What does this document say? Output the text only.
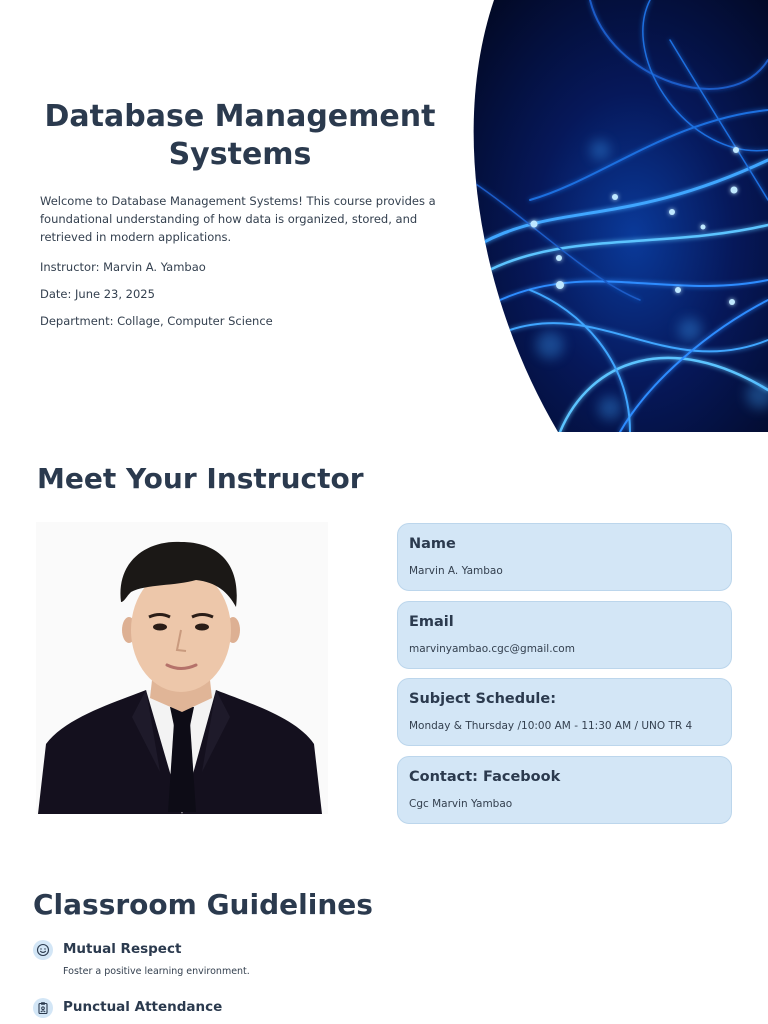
Database Management Systems

Welcome to Database Management Systems! This course provides a foundational understanding of how data is organized, stored, and retrieved in modern applications.

Instructor: Marvin A. Yambao

Date: June 23, 2025

Department: Collage, Computer Science

Meet Your Instructor
Name
Marvin A. Yambao
Email
marvinyambao.cgc@gmail.com
Subject Schedule:
Monday & Thursday /10:00 AM - 11:30 AM / UNO TR 4
Contact: Facebook
Cgc Marvin Yambao
Classroom Guidelines
Mutual Respect
Foster a positive learning environment.
Punctual Attendance
